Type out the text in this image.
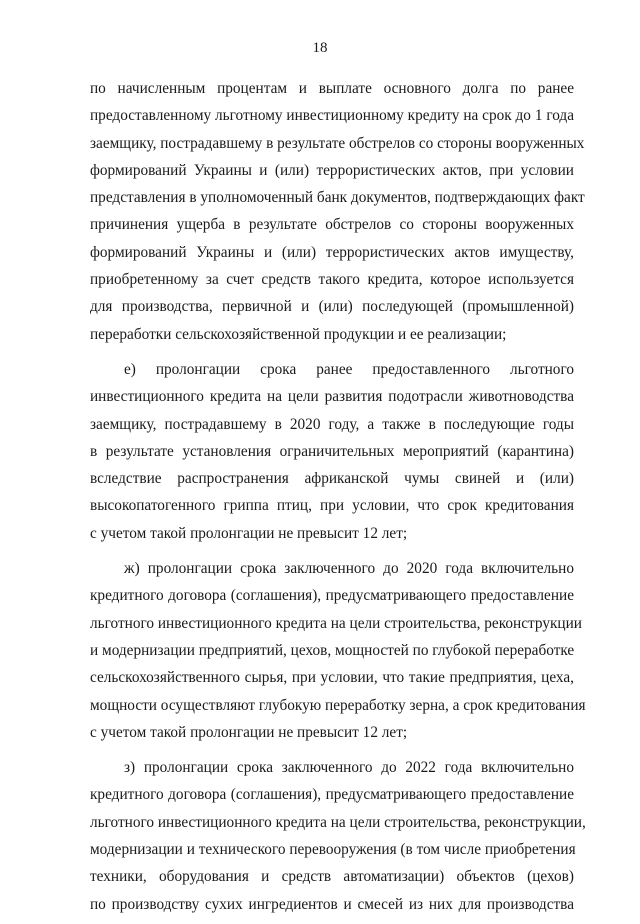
18
по начисленным процентам и выплате основного долга по ранее
предоставленному льготному инвестиционному кредиту на срок до 1 года
заемщику, пострадавшему в результате обстрелов со стороны вооруженных
формирований Украины и (или) террористических актов, при условии
представления в уполномоченный банк документов, подтверждающих факт
причинения ущерба в результате обстрелов со стороны вооруженных
формирований Украины и (или) террористических актов имуществу,
приобретенному за счет средств такого кредита, которое используется
для производства, первичной и (или) последующей (промышленной)
переработки сельскохозяйственной продукции и ее реализации;
е) пролонгации срока ранее предоставленного льготного
инвестиционного кредита на цели развития подотрасли животноводства
заемщику, пострадавшему в 2020 году, а также в последующие годы
в результате установления ограничительных мероприятий (карантина)
вследствие распространения африканской чумы свиней и (или)
высокопатогенного гриппа птиц, при условии, что срок кредитования
с учетом такой пролонгации не превысит 12 лет;
ж) пролонгации срока заключенного до 2020 года включительно
кредитного договора (соглашения), предусматривающего предоставление
льготного инвестиционного кредита на цели строительства, реконструкции
и модернизации предприятий, цехов, мощностей по глубокой переработке
сельскохозяйственного сырья, при условии, что такие предприятия, цеха,
мощности осуществляют глубокую переработку зерна, а срок кредитования
с учетом такой пролонгации не превысит 12 лет;
з) пролонгации срока заключенного до 2022 года включительно
кредитного договора (соглашения), предусматривающего предоставление
льготного инвестиционного кредита на цели строительства, реконструкции,
модернизации и технического перевооружения (в том числе приобретения
техники, оборудования и средств автоматизации) объектов (цехов)
по производству сухих ингредиентов и смесей из них для производства
